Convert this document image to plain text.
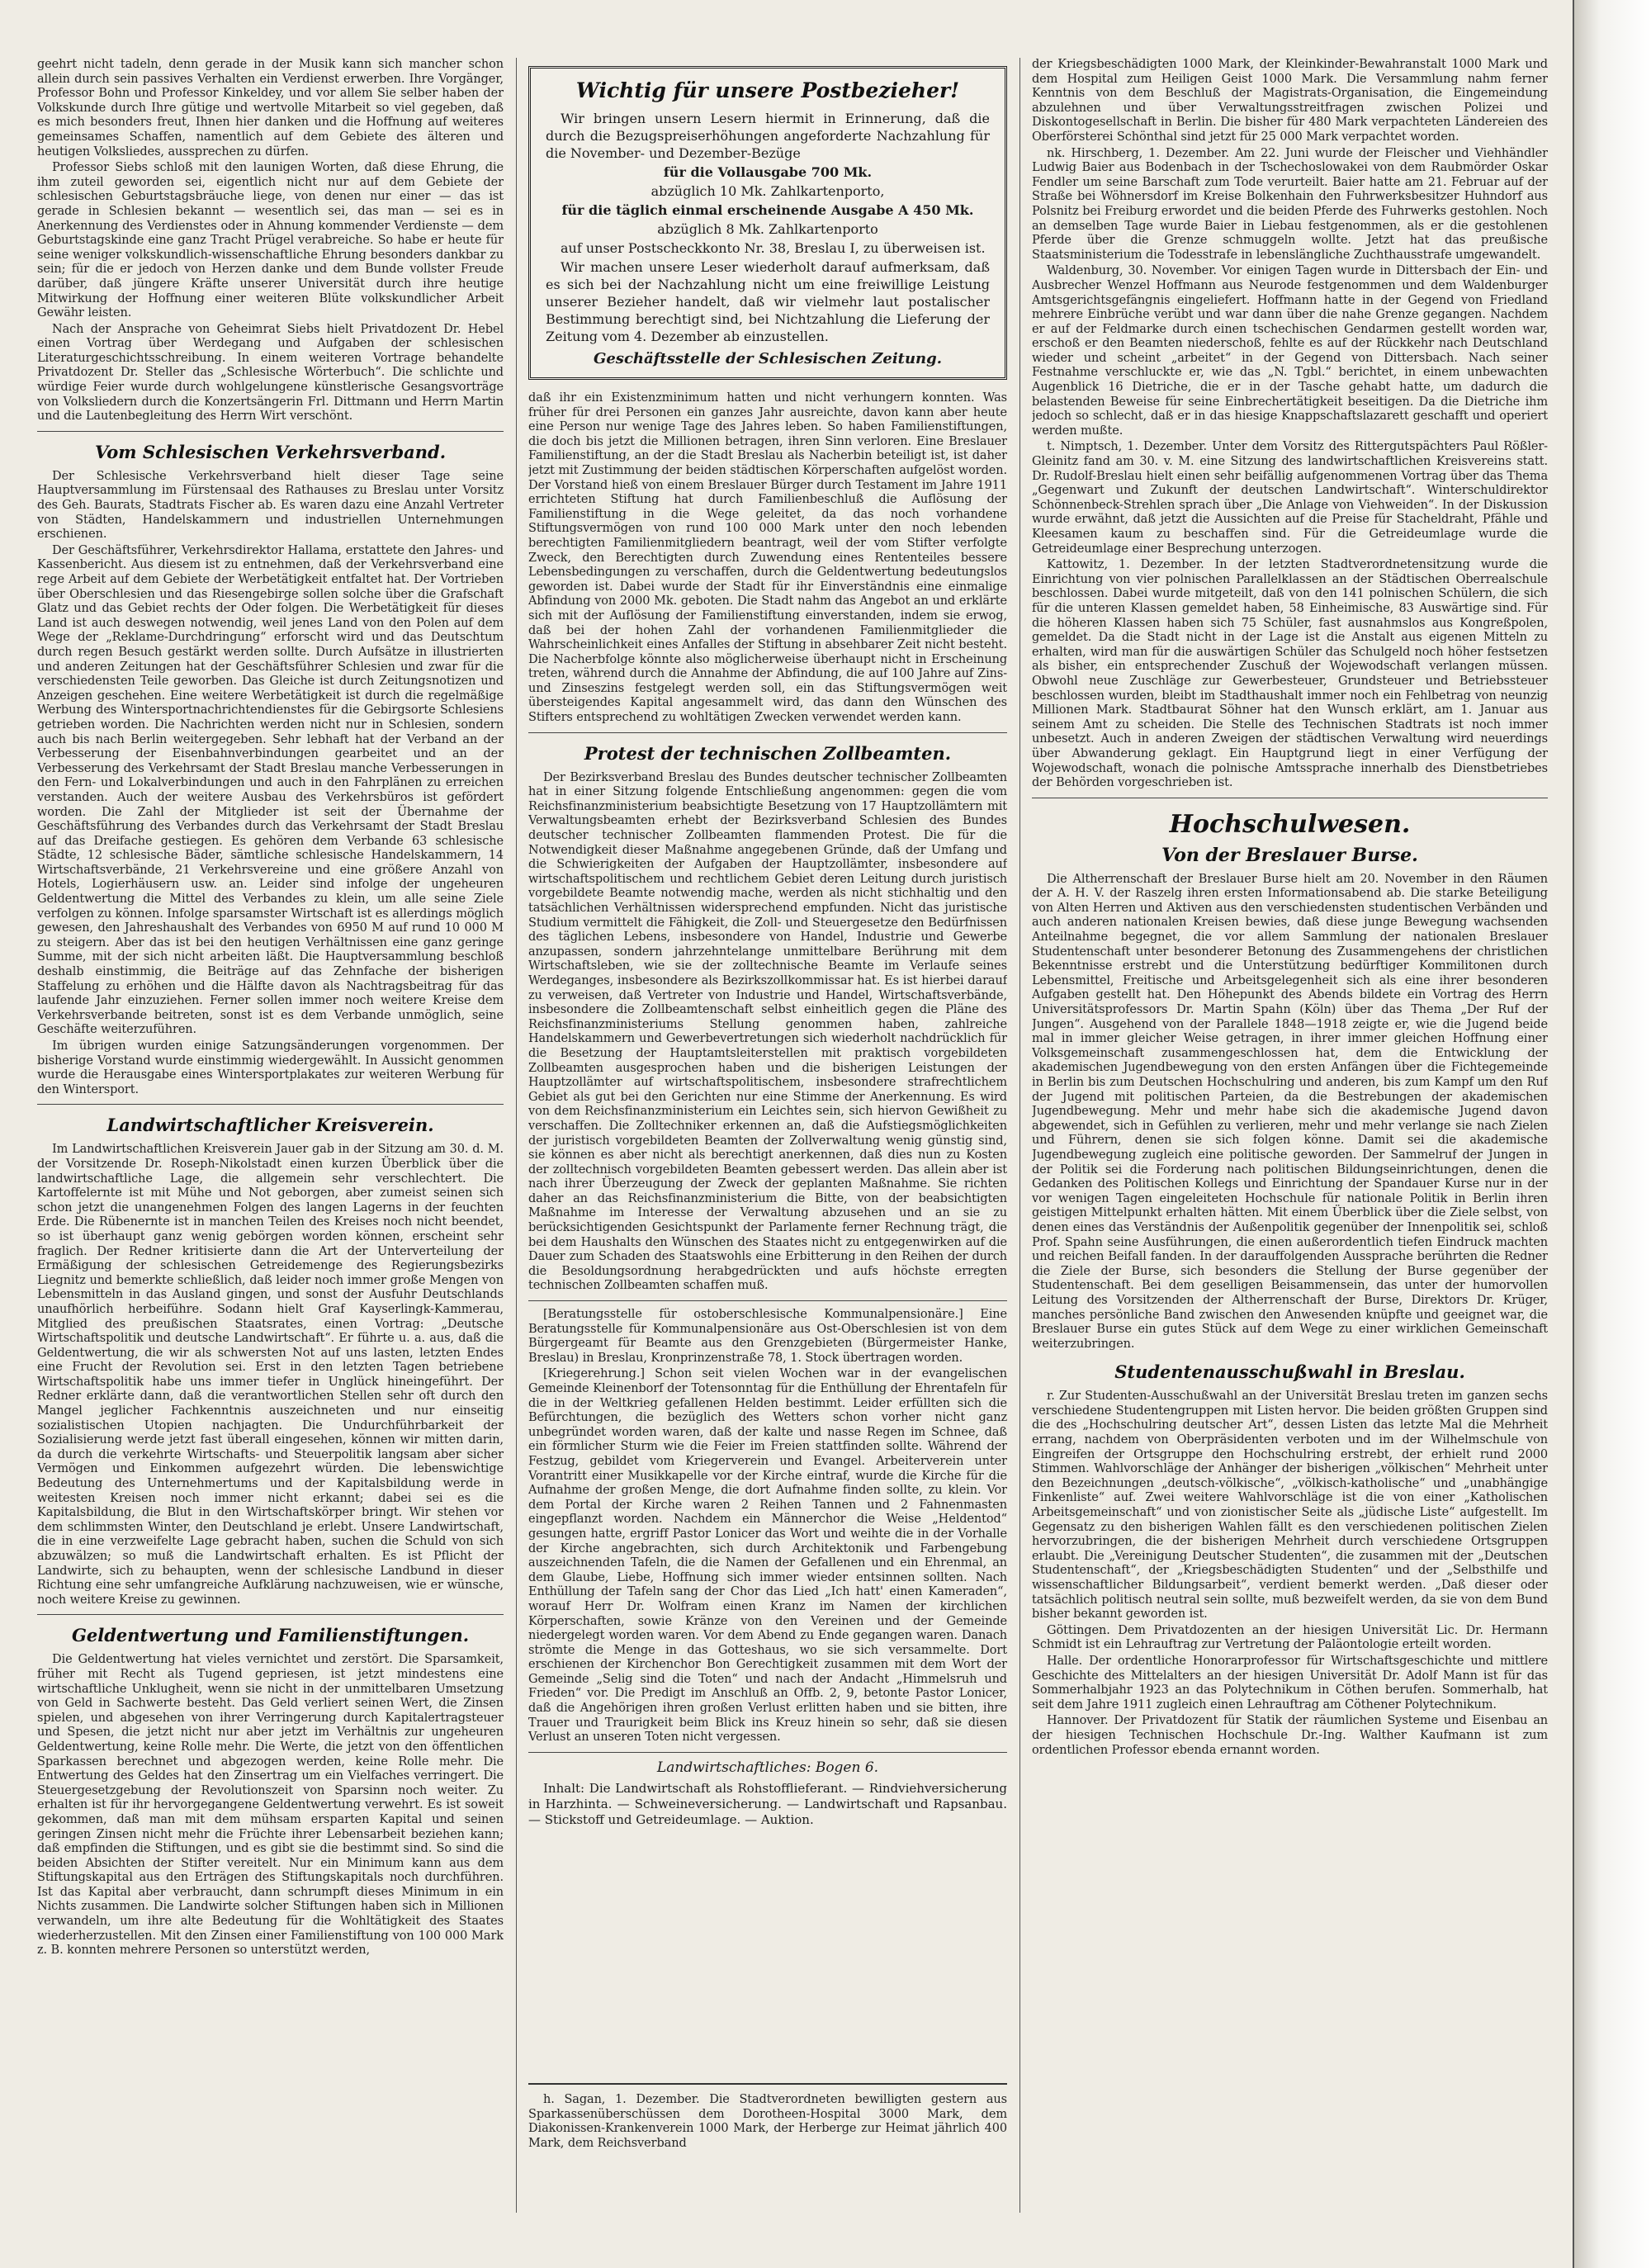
geehrt nicht tadeln, denn gerade in der Musik kann sich mancher schon allein durch sein passives Verhalten ein Verdienst erwerben. Ihre Vorgänger, Professor Bohn und Professor Kinkeldey, und vor allem Sie selber haben der Volkskunde durch Ihre gütige und wertvolle Mitarbeit so viel gegeben, daß es mich besonders freut, Ihnen hier danken und die Hoffnung auf weiteres gemeinsames Schaffen, namentlich auf dem Gebiete des älteren und heutigen Volksliedes, aussprechen zu dürfen.

Professor Siebs schloß mit den launigen Worten, daß diese Ehrung, die ihm zuteil geworden sei, eigentlich nicht nur auf dem Gebiete der schlesischen Geburtstagsbräuche liege, von denen nur einer — das ist gerade in Schlesien bekannt — wesentlich sei, das man — sei es in Anerkennung des Verdienstes oder in Ahnung kommender Verdienste — dem Geburtstagskinde eine ganz Tracht Prügel verabreiche. So habe er heute für seine weniger volkskundlich-wissenschaftliche Ehrung besonders dankbar zu sein; für die er jedoch von Herzen danke und dem Bunde vollster Freude darüber, daß jüngere Kräfte unserer Universität durch ihre heutige Mitwirkung der Hoffnung einer weiteren Blüte volkskundlicher Arbeit Gewähr leisten.

Nach der Ansprache von Geheimrat Siebs hielt Privatdozent Dr. Hebel einen Vortrag über Werdegang und Aufgaben der schlesischen Literaturgeschichtsschreibung. In einem weiteren Vortrage behandelte Privatdozent Dr. Steller das „Schlesische Wörterbuch“. Die schlichte und würdige Feier wurde durch wohlgelungene künstlerische Gesangsvorträge von Volksliedern durch die Konzertsängerin Frl. Dittmann und Herrn Martin und die Lautenbegleitung des Herrn Wirt verschönt.

Vom Schlesischen Verkehrsverband.

Der Schlesische Verkehrsverband hielt dieser Tage seine Hauptversammlung im Fürstensaal des Rathauses zu Breslau unter Vorsitz des Geh. Baurats, Stadtrats Fischer ab. Es waren dazu eine Anzahl Vertreter von Städten, Handelskammern und industriellen Unternehmungen erschienen.

Der Geschäftsführer, Verkehrsdirektor Hallama, erstattete den Jahres- und Kassenbericht. Aus diesem ist zu entnehmen, daß der Verkehrsverband eine rege Arbeit auf dem Gebiete der Werbetätigkeit entfaltet hat. Der Vortrieben über Oberschlesien und das Riesengebirge sollen solche über die Grafschaft Glatz und das Gebiet rechts der Oder folgen. Die Werbetätigkeit für dieses Land ist auch deswegen notwendig, weil jenes Land von den Polen auf dem Wege der „Reklame-Durchdringung“ erforscht wird und das Deutschtum durch regen Besuch gestärkt werden sollte. Durch Aufsätze in illustrierten und anderen Zeitungen hat der Geschäftsführer Schlesien und zwar für die verschiedensten Teile geworben. Das Gleiche ist durch Zeitungsnotizen und Anzeigen geschehen. Eine weitere Werbetätigkeit ist durch die regelmäßige Werbung des Wintersportnachrichtendienstes für die Gebirgsorte Schlesiens getrieben worden. Die Nachrichten werden nicht nur in Schlesien, sondern auch bis nach Berlin weitergegeben. Sehr lebhaft hat der Verband an der Verbesserung der Eisenbahnverbindungen gearbeitet und an der Verbesserung des Verkehrsamt der Stadt Breslau manche Verbesserungen in den Fern- und Lokalverbindungen und auch in den Fahrplänen zu erreichen verstanden. Auch der weitere Ausbau des Verkehrsbüros ist gefördert worden. Die Zahl der Mitglieder ist seit der Übernahme der Geschäftsführung des Verbandes durch das Verkehrsamt der Stadt Breslau auf das Dreifache gestiegen. Es gehören dem Verbande 63 schlesische Städte, 12 schlesische Bäder, sämtliche schlesische Handelskammern, 14 Wirtschaftsverbände, 21 Verkehrsvereine und eine größere Anzahl von Hotels, Logierhäusern usw. an. Leider sind infolge der ungeheuren Geldentwertung die Mittel des Verbandes zu klein, um alle seine Ziele verfolgen zu können. Infolge sparsamster Wirtschaft ist es allerdings möglich gewesen, den Jahreshaushalt des Verbandes von 6950 M auf rund 10 000 M zu steigern. Aber das ist bei den heutigen Verhältnissen eine ganz geringe Summe, mit der sich nicht arbeiten läßt. Die Hauptversammlung beschloß deshalb einstimmig, die Beiträge auf das Zehnfache der bisherigen Staffelung zu erhöhen und die Hälfte davon als Nachtragsbeitrag für das laufende Jahr einzuziehen. Ferner sollen immer noch weitere Kreise dem Verkehrsverbande beitreten, sonst ist es dem Verbande unmöglich, seine Geschäfte weiterzuführen.

Im übrigen wurden einige Satzungsänderungen vorgenommen. Der bisherige Vorstand wurde einstimmig wiedergewählt. In Aussicht genommen wurde die Herausgabe eines Wintersportplakates zur weiteren Werbung für den Wintersport.

Landwirtschaftlicher Kreisverein.

Im Landwirtschaftlichen Kreisverein Jauer gab in der Sitzung am 30. d. M. der Vorsitzende Dr. Roseph-Nikolstadt einen kurzen Überblick über die landwirtschaftliche Lage, die allgemein sehr verschlechtert. Die Kartoffelernte ist mit Mühe und Not geborgen, aber zumeist seinen sich schon jetzt die unangenehmen Folgen des langen Lagerns in der feuchten Erde. Die Rübenernte ist in manchen Teilen des Kreises noch nicht beendet, so ist überhaupt ganz wenig gebörgen worden können, erscheint sehr fraglich. Der Redner kritisierte dann die Art der Unterverteilung der Ermäßigung der schlesischen Getreidemenge des Regierungsbezirks Liegnitz und bemerkte schließlich, daß leider noch immer große Mengen von Lebensmitteln in das Ausland gingen, und sonst der Ausfuhr Deutschlands unaufhörlich herbeiführe. Sodann hielt Graf Kayserlingk-Kammerau, Mitglied des preußischen Staatsrates, einen Vortrag: „Deutsche Wirtschaftspolitik und deutsche Landwirtschaft“. Er führte u. a. aus, daß die Geldentwertung, die wir als schwersten Not auf uns lasten, letzten Endes eine Frucht der Revolution sei. Erst in den letzten Tagen betriebene Wirtschaftspolitik habe uns immer tiefer in Unglück hineingeführt. Der Redner erklärte dann, daß die verantwortlichen Stellen sehr oft durch den Mangel jeglicher Fachkenntnis auszeichneten und nur einseitig sozialistischen Utopien nachjagten. Die Undurchführbarkeit der Sozialisierung werde jetzt fast überall eingesehen, können wir mitten darin, da durch die verkehrte Wirtschafts- und Steuerpolitik langsam aber sicher Vermögen und Einkommen aufgezehrt würden. Die lebenswichtige Bedeutung des Unternehmertums und der Kapitalsbildung werde in weitesten Kreisen noch immer nicht erkannt; dabei sei es die Kapitalsbildung, die Blut in den Wirtschaftskörper bringt. Wir stehen vor dem schlimmsten Winter, den Deutschland je erlebt. Unsere Landwirtschaft, die in eine verzweifelte Lage gebracht haben, suchen die Schuld von sich abzuwälzen; so muß die Landwirtschaft erhalten. Es ist Pflicht der Landwirte, sich zu behaupten, wenn der schlesische Landbund in dieser Richtung eine sehr umfangreiche Aufklärung nachzuweisen, wie er wünsche, noch weitere Kreise zu gewinnen.

Geldentwertung und Familienstiftungen.

Die Geldentwertung hat vieles vernichtet und zerstört. Die Sparsamkeit, früher mit Recht als Tugend gepriesen, ist jetzt mindestens eine wirtschaftliche Unklugheit, wenn sie nicht in der unmittelbaren Umsetzung von Geld in Sachwerte besteht. Das Geld verliert seinen Wert, die Zinsen spielen, und abgesehen von ihrer Verringerung durch Kapitalertragsteuer und Spesen, die jetzt nicht nur aber jetzt im Verhältnis zur ungeheuren Geldentwertung, keine Rolle mehr. Die Werte, die jetzt von den öffentlichen Sparkassen berechnet und abgezogen werden, keine Rolle mehr. Die Entwertung des Geldes hat den Zinsertrag um ein Vielfaches verringert. Die Steuergesetzgebung der Revolutionszeit von Sparsinn noch weiter. Zu erhalten ist für ihr hervorgegangene Geldentwertung verwehrt. Es ist soweit gekommen, daß man mit dem mühsam ersparten Kapital und seinen geringen Zinsen nicht mehr die Früchte ihrer Lebensarbeit beziehen kann; daß empfinden die Stiftungen, und es gibt sie die bestimmt sind. So sind die beiden Absichten der Stifter vereitelt. Nur ein Minimum kann aus dem Stiftungskapital aus den Erträgen des Stiftungskapitals noch durchführen. Ist das Kapital aber verbraucht, dann schrumpft dieses Minimum in ein Nichts zusammen. Die Landwirte solcher Stiftungen haben sich in Millionen verwandeln, um ihre alte Bedeutung für die Wohltätigkeit des Staates wiederherzustellen. Mit den Zinsen einer Familienstiftung von 100 000 Mark z. B. konnten mehrere Personen so unterstützt werden,

Wichtig für unsere Postbezieher!

Wir bringen unsern Lesern hiermit in Erinnerung, daß die durch die Bezugspreiserhöhungen angeforderte Nachzahlung für die November- und Dezember-Bezüge

für die Vollausgabe 700 Mk.

abzüglich 10 Mk. Zahlkartenporto,

für die täglich einmal erscheinende Ausgabe A 450 Mk.

abzüglich 8 Mk. Zahlkartenporto

auf unser Postscheckkonto Nr. 38, Breslau I, zu überweisen ist.

Wir machen unsere Leser wiederholt darauf aufmerksam, daß es sich bei der Nachzahlung nicht um eine freiwillige Leistung unserer Bezieher handelt, daß wir vielmehr laut postalischer Bestimmung berechtigt sind, bei Nichtzahlung die Lieferung der Zeitung vom 4. Dezember ab einzustellen.

Geschäftsstelle der Schlesischen Zeitung.

daß ihr ein Existenzminimum hatten und nicht verhungern konnten. Was früher für drei Personen ein ganzes Jahr ausreichte, davon kann aber heute eine Person nur wenige Tage des Jahres leben. So haben Familienstiftungen, die doch bis jetzt die Millionen betragen, ihren Sinn verloren. Eine Breslauer Familienstiftung, an der die Stadt Breslau als Nacherbin beteiligt ist, ist daher jetzt mit Zustimmung der beiden städtischen Körperschaften aufgelöst worden. Der Vorstand hieß von einem Breslauer Bürger durch Testament im Jahre 1911 errichteten Stiftung hat durch Familienbeschluß die Auflösung der Familienstiftung in die Wege geleitet, da das noch vorhandene Stiftungsvermögen von rund 100 000 Mark unter den noch lebenden berechtigten Familienmitgliedern beantragt, weil der vom Stifter verfolgte Zweck, den Berechtigten durch Zuwendung eines Rententeiles bessere Lebensbedingungen zu verschaffen, durch die Geldentwertung bedeutungslos geworden ist. Dabei wurde der Stadt für ihr Einverständnis eine einmalige Abfindung von 2000 Mk. geboten. Die Stadt nahm das Angebot an und erklärte sich mit der Auflösung der Familienstiftung einverstanden, indem sie erwog, daß bei der hohen Zahl der vorhandenen Familienmitglieder die Wahrscheinlichkeit eines Anfalles der Stiftung in absehbarer Zeit nicht besteht. Die Nacherbfolge könnte also möglicherweise überhaupt nicht in Erscheinung treten, während durch die Annahme der Abfindung, die auf 100 Jahre auf Zins- und Zinseszins festgelegt werden soll, ein das Stiftungsvermögen weit übersteigendes Kapital angesammelt wird, das dann den Wünschen des Stifters entsprechend zu wohltätigen Zwecken verwendet werden kann.

Protest der technischen Zollbeamten.

Der Bezirksverband Breslau des Bundes deutscher technischer Zollbeamten hat in einer Sitzung folgende Entschließung angenommen: gegen die vom Reichsfinanzministerium beabsichtigte Besetzung von 17 Hauptzollämtern mit Verwaltungsbeamten erhebt der Bezirksverband Schlesien des Bundes deutscher technischer Zollbeamten flammenden Protest. Die für die Notwendigkeit dieser Maßnahme angegebenen Gründe, daß der Umfang und die Schwierigkeiten der Aufgaben der Hauptzollämter, insbesondere auf wirtschaftspolitischem und rechtlichem Gebiet deren Leitung durch juristisch vorgebildete Beamte notwendig mache, werden als nicht stichhaltig und den tatsächlichen Verhältnissen widersprechend empfunden. Nicht das juristische Studium vermittelt die Fähigkeit, die Zoll- und Steuergesetze den Bedürfnissen des täglichen Lebens, insbesondere von Handel, Industrie und Gewerbe anzupassen, sondern jahrzehntelange unmittelbare Berührung mit dem Wirtschaftsleben, wie sie der zolltechnische Beamte im Verlaufe seines Werdeganges, insbesondere als Bezirkszollkommissar hat. Es ist hierbei darauf zu verweisen, daß Vertreter von Industrie und Handel, Wirtschaftsverbände, insbesondere die Zollbeamtenschaft selbst einheitlich gegen die Pläne des Reichsfinanzministeriums Stellung genommen haben, zahlreiche Handelskammern und Gewerbevertretungen sich wiederholt nachdrücklich für die Besetzung der Hauptamtsleiterstellen mit praktisch vorgebildeten Zollbeamten ausgesprochen haben und die bisherigen Leistungen der Hauptzollämter auf wirtschaftspolitischem, insbesondere strafrechtlichem Gebiet als gut bei den Gerichten nur eine Stimme der Anerkennung. Es wird von dem Reichsfinanzministerium ein Leichtes sein, sich hiervon Gewißheit zu verschaffen. Die Zolltechniker erkennen an, daß die Aufstiegsmöglichkeiten der juristisch vorgebildeten Beamten der Zollverwaltung wenig günstig sind, sie können es aber nicht als berechtigt anerkennen, daß dies nun zu Kosten der zolltechnisch vorgebildeten Beamten gebessert werden. Das allein aber ist nach ihrer Überzeugung der Zweck der geplanten Maßnahme. Sie richten daher an das Reichsfinanzministerium die Bitte, von der beabsichtigten Maßnahme im Interesse der Verwaltung abzusehen und an sie zu berücksichtigenden Gesichtspunkt der Parlamente ferner Rechnung trägt, die bei dem Haushalts den Wünschen des Staates nicht zu entgegenwirken auf die Dauer zum Schaden des Staatswohls eine Erbitterung in den Reihen der durch die Besoldungsordnung herabgedrückten und aufs höchste erregten technischen Zollbeamten schaffen muß.

[Beratungsstelle für ostoberschlesische Kommunalpensionäre.] Eine Beratungsstelle für Kommunalpensionäre aus Ost-Oberschlesien ist von dem Bürgergeamt für Beamte aus den Grenzgebieten (Bürgermeister Hanke, Breslau) in Breslau, Kronprinzenstraße 78, 1. Stock übertragen worden.

[Kriegerehrung.] Schon seit vielen Wochen war in der evangelischen Gemeinde Kleinenborf der Totensonntag für die Enthüllung der Ehrentafeln für die in der Weltkrieg gefallenen Helden bestimmt. Leider erfüllten sich die Befürchtungen, die bezüglich des Wetters schon vorher nicht ganz unbegründet worden waren, daß der kalte und nasse Regen im Schnee, daß ein förmlicher Sturm wie die Feier im Freien stattfinden sollte. Während der Festzug, gebildet vom Kriegerverein und Evangel. Arbeiterverein unter Vorantritt einer Musikkapelle vor der Kirche eintraf, wurde die Kirche für die Aufnahme der großen Menge, die dort Aufnahme finden sollte, zu klein. Vor dem Portal der Kirche waren 2 Reihen Tannen und 2 Fahnenmasten eingepflanzt worden. Nachdem ein Männerchor die Weise „Heldentod“ gesungen hatte, ergriff Pastor Lonicer das Wort und weihte die in der Vorhalle der Kirche angebrachten, sich durch Architektonik und Farbengebung auszeichnenden Tafeln, die die Namen der Gefallenen und ein Ehrenmal, an dem Glaube, Liebe, Hoffnung sich immer wieder entsinnen sollten. Nach Enthüllung der Tafeln sang der Chor das Lied „Ich hatt' einen Kameraden“, worauf Herr Dr. Wolfram einen Kranz im Namen der kirchlichen Körperschaften, sowie Kränze von den Vereinen und der Gemeinde niedergelegt worden waren. Vor dem Abend zu Ende gegangen waren. Danach strömte die Menge in das Gotteshaus, wo sie sich versammelte. Dort erschienen der Kirchenchor Bon Gerechtigkeit zusammen mit dem Wort der Gemeinde „Selig sind die Toten“ und nach der Andacht „Himmelsruh und Frieden“ vor. Die Predigt im Anschluß an Offb. 2, 9, betonte Pastor Lonicer, daß die Angehörigen ihren großen Verlust erlitten haben und sie bitten, ihre Trauer und Traurigkeit beim Blick ins Kreuz hinein so sehr, daß sie diesen Verlust an unseren Toten nicht vergessen.

Landwirtschaftliches: Bogen 6.

Inhalt: Die Landwirtschaft als Rohstofflieferant. — Rindviehversicherung in Harzhinta. — Schweineversicherung. — Landwirtschaft und Rapsanbau. — Stickstoff und Getreideumlage. — Auktion.

h. Sagan, 1. Dezember. Die Stadtverordneten bewilligten gestern aus Sparkassenüberschüssen dem Dorotheen-Hospital 3000 Mark, dem Diakonissen-Krankenverein 1000 Mark, der Herberge zur Heimat jährlich 400 Mark, dem Reichsverband

der Kriegsbeschädigten 1000 Mark, der Kleinkinder-Bewahranstalt 1000 Mark und dem Hospital zum Heiligen Geist 1000 Mark. Die Versammlung nahm ferner Kenntnis von dem Beschluß der Magistrats-Organisation, die Eingemeindung abzulehnen und über Verwaltungsstreitfragen zwischen Polizei und Diskontogesellschaft in Berlin. Die bisher für 480 Mark verpachteten Ländereien des Oberförsterei Schönthal sind jetzt für 25 000 Mark verpachtet worden.

nk. Hirschberg, 1. Dezember. Am 22. Juni wurde der Fleischer und Viehhändler Ludwig Baier aus Bodenbach in der Tschechoslowakei von dem Raubmörder Oskar Fendler um seine Barschaft zum Tode verurteilt. Baier hatte am 21. Februar auf der Straße bei Wöhnersdorf im Kreise Bolkenhain den Fuhrwerksbesitzer Huhndorf aus Polsnitz bei Freiburg erwordet und die beiden Pferde des Fuhrwerks gestohlen. Noch an demselben Tage wurde Baier in Liebau festgenommen, als er die gestohlenen Pferde über die Grenze schmuggeln wollte. Jetzt hat das preußische Staatsministerium die Todesstrafe in lebenslängliche Zuchthausstrafe umgewandelt.

Waldenburg, 30. November. Vor einigen Tagen wurde in Dittersbach der Ein- und Ausbrecher Wenzel Hoffmann aus Neurode festgenommen und dem Waldenburger Amtsgerichtsgefängnis eingeliefert. Hoffmann hatte in der Gegend von Friedland mehrere Einbrüche verübt und war dann über die nahe Grenze gegangen. Nachdem er auf der Feldmarke durch einen tschechischen Gendarmen gestellt worden war, erschoß er den Beamten niederschoß, fehlte es auf der Rückkehr nach Deutschland wieder und scheint „arbeitet“ in der Gegend von Dittersbach. Nach seiner Festnahme verschluckte er, wie das „N. Tgbl.“ berichtet, in einem unbewachten Augenblick 16 Dietriche, die er in der Tasche gehabt hatte, um dadurch die belastenden Beweise für seine Einbrechertätigkeit beseitigen. Da die Dietriche ihm jedoch so schlecht, daß er in das hiesige Knappschaftslazarett geschafft und operiert werden mußte.

t. Nimptsch, 1. Dezember. Unter dem Vorsitz des Rittergutspächters Paul Rößler-Gleinitz fand am 30. v. M. eine Sitzung des landwirtschaftlichen Kreisvereins statt. Dr. Rudolf-Breslau hielt einen sehr beifällig aufgenommenen Vortrag über das Thema „Gegenwart und Zukunft der deutschen Landwirtschaft“. Winterschuldirektor Schönnenbeck-Strehlen sprach über „Die Anlage von Viehweiden“. In der Diskussion wurde erwähnt, daß jetzt die Aussichten auf die Preise für Stacheldraht, Pfähle und Kleesamen kaum zu beschaffen sind. Für die Getreideumlage wurde die Getreideumlage einer Besprechung unterzogen.

Kattowitz, 1. Dezember. In der letzten Stadtverordnetensitzung wurde die Einrichtung von vier polnischen Parallelklassen an der Städtischen Oberrealschule beschlossen. Dabei wurde mitgeteilt, daß von den 141 polnischen Schülern, die sich für die unteren Klassen gemeldet haben, 58 Einheimische, 83 Auswärtige sind. Für die höheren Klassen haben sich 75 Schüler, fast ausnahmslos aus Kongreßpolen, gemeldet. Da die Stadt nicht in der Lage ist die Anstalt aus eigenen Mitteln zu erhalten, wird man für die auswärtigen Schüler das Schulgeld noch höher festsetzen als bisher, ein entsprechender Zuschuß der Wojewodschaft verlangen müssen. Obwohl neue Zuschläge zur Gewerbesteuer, Grundsteuer und Betriebssteuer beschlossen wurden, bleibt im Stadthaushalt immer noch ein Fehlbetrag von neunzig Millionen Mark. Stadtbaurat Söhner hat den Wunsch erklärt, am 1. Januar aus seinem Amt zu scheiden. Die Stelle des Technischen Stadtrats ist noch immer unbesetzt. Auch in anderen Zweigen der städtischen Verwaltung wird neuerdings über Abwanderung geklagt. Ein Hauptgrund liegt in einer Verfügung der Wojewodschaft, wonach die polnische Amtssprache innerhalb des Dienstbetriebes der Behörden vorgeschrieben ist.

Hochschulwesen.
Von der Breslauer Burse.

Die Altherrenschaft der Breslauer Burse hielt am 20. November in den Räumen der A. H. V. der Raszelg ihren ersten Informationsabend ab. Die starke Beteiligung von Alten Herren und Aktiven aus den verschiedensten studentischen Verbänden und auch anderen nationalen Kreisen bewies, daß diese junge Bewegung wachsenden Anteilnahme begegnet, die vor allem Sammlung der nationalen Breslauer Studentenschaft unter besonderer Betonung des Zusammengehens der christlichen Bekenntnisse erstrebt und die Unterstützung bedürftiger Kommilitonen durch Lebensmittel, Freitische und Arbeitsgelegenheit sich als eine ihrer besonderen Aufgaben gestellt hat. Den Höhepunkt des Abends bildete ein Vortrag des Herrn Universitätsprofessors Dr. Martin Spahn (Köln) über das Thema „Der Ruf der Jungen“. Ausgehend von der Parallele 1848—1918 zeigte er, wie die Jugend beide mal in immer gleicher Weise getragen, in ihrer immer gleichen Hoffnung einer Volksgemeinschaft zusammengeschlossen hat, dem die Entwicklung der akademischen Jugendbewegung von den ersten Anfängen über die Fichtegemeinde in Berlin bis zum Deutschen Hochschulring und anderen, bis zum Kampf um den Ruf der Jugend mit politischen Parteien, da die Bestrebungen der akademischen Jugendbewegung. Mehr und mehr habe sich die akademische Jugend davon abgewendet, sich in Gefühlen zu verlieren, mehr und mehr verlange sie nach Zielen und Führern, denen sie sich folgen könne. Damit sei die akademische Jugendbewegung zugleich eine politische geworden. Der Sammelruf der Jungen in der Politik sei die Forderung nach politischen Bildungseinrichtungen, denen die Gedanken des Politischen Kollegs und Einrichtung der Spandauer Kurse nur in der vor wenigen Tagen eingeleiteten Hochschule für nationale Politik in Berlin ihren geistigen Mittelpunkt erhalten hätten. Mit einem Überblick über die Ziele selbst, von denen eines das Verständnis der Außenpolitik gegenüber der Innenpolitik sei, schloß Prof. Spahn seine Ausführungen, die einen außerordentlich tiefen Eindruck machten und reichen Beifall fanden. In der darauffolgenden Aussprache berührten die Redner die Ziele der Burse, sich besonders die Stellung der Burse gegenüber der Studentenschaft. Bei dem geselligen Beisammensein, das unter der humorvollen Leitung des Vorsitzenden der Altherrenschaft der Burse, Direktors Dr. Krüger, manches persönliche Band zwischen den Anwesenden knüpfte und geeignet war, die Breslauer Burse ein gutes Stück auf dem Wege zu einer wirklichen Gemeinschaft weiterzubringen.

Studentenausschußwahl in Breslau.

r. Zur Studenten-Ausschußwahl an der Universität Breslau treten im ganzen sechs verschiedene Studentengruppen mit Listen hervor. Die beiden größten Gruppen sind die des „Hochschulring deutscher Art“, dessen Listen das letzte Mal die Mehrheit errang, nachdem von Oberpräsidenten verboten und im der Wilhelmschule von Eingreifen der Ortsgruppe den Hochschulring erstrebt, der erhielt rund 2000 Stimmen. Wahlvorschläge der Anhänger der bisherigen „völkischen“ Mehrheit unter den Bezeichnungen „deutsch-völkische“, „völkisch-katholische“ und „unabhängige Finkenliste“ auf. Zwei weitere Wahlvorschläge ist die von einer „Katholischen Arbeitsgemeinschaft“ und von zionistischer Seite als „jüdische Liste“ aufgestellt. Im Gegensatz zu den bisherigen Wahlen fällt es den verschiedenen politischen Zielen hervorzubringen, die der bisherigen Mehrheit durch verschiedene Ortsgruppen erlaubt. Die „Vereinigung Deutscher Studenten“, die zusammen mit der „Deutschen Studentenschaft“, der „Kriegsbeschädigten Studenten“ und der „Selbsthilfe und wissenschaftlicher Bildungsarbeit“, verdient bemerkt werden. „Daß dieser oder tatsächlich politisch neutral sein sollte, muß bezweifelt werden, da sie von dem Bund bisher bekannt geworden ist.

Göttingen. Dem Privatdozenten an der hiesigen Universität Lic. Dr. Hermann Schmidt ist ein Lehrauftrag zur Vertretung der Paläontologie erteilt worden.

Halle. Der ordentliche Honorarprofessor für Wirtschaftsgeschichte und mittlere Geschichte des Mittelalters an der hiesigen Universität Dr. Adolf Mann ist für das Sommerhalbjahr 1923 an das Polytechnikum in Cöthen berufen. Sommerhalb, hat seit dem Jahre 1911 zugleich einen Lehrauftrag am Cöthener Polytechnikum.

Hannover. Der Privatdozent für Statik der räumlichen Systeme und Eisenbau an der hiesigen Technischen Hochschule Dr.-Ing. Walther Kaufmann ist zum ordentlichen Professor ebenda ernannt worden.
